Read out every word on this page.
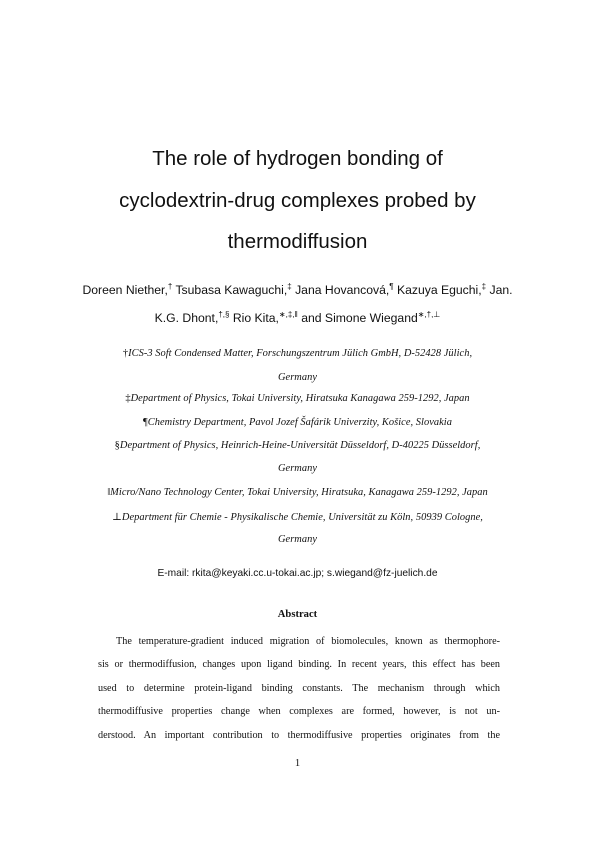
The role of hydrogen bonding of
cyclodextrin-drug complexes probed by
thermodiffusion
Doreen Niether,† Tsubasa Kawaguchi,‡ Jana Hovancová,¶ Kazuya Eguchi,‡ Jan.
K.G. Dhont,†,§ Rio Kita,∗,‡,‖ and Simone Wiegand∗,†,⊥
†ICS-3 Soft Condensed Matter, Forschungszentrum Jülich GmbH, D-52428 Jülich,
Germany
‡Department of Physics, Tokai University, Hiratsuka Kanagawa 259-1292, Japan
¶Chemistry Department, Pavol Jozef Šafárik Univerzity, Košice, Slovakia
§Department of Physics, Heinrich-Heine-Universität Düsseldorf, D-40225 Düsseldorf,
Germany
‖Micro/Nano Technology Center, Tokai University, Hiratsuka, Kanagawa 259-1292, Japan
⊥Department für Chemie - Physikalische Chemie, Universität zu Köln, 50939 Cologne,
Germany
E-mail: rkita@keyaki.cc.u-tokai.ac.jp; s.wiegand@fz-juelich.de
Abstract
The temperature-gradient induced migration of biomolecules, known as thermophore-
sis or thermodiffusion, changes upon ligand binding. In recent years, this effect has been
used to determine protein-ligand binding constants. The mechanism through which
thermodiffusive properties change when complexes are formed, however, is not un-
derstood. An important contribution to thermodiffusive properties originates from the
1
